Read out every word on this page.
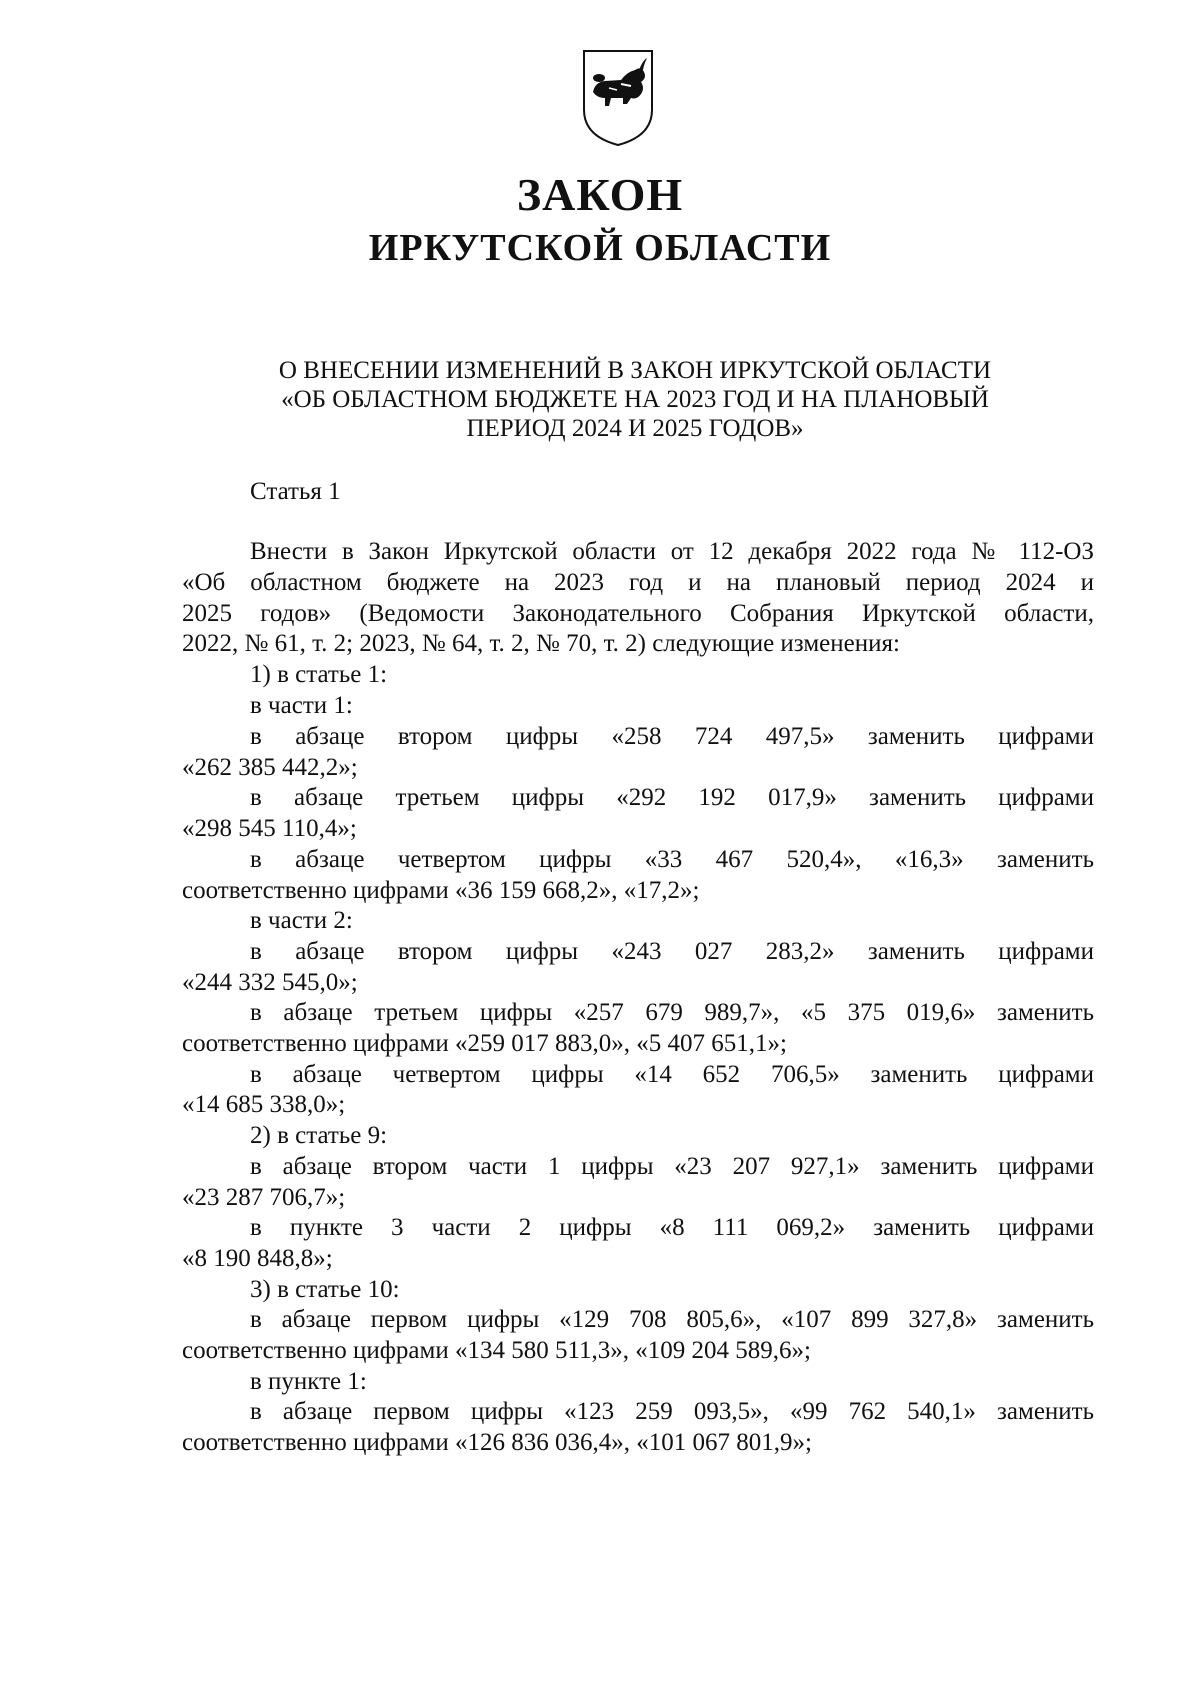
ЗАКОН
ИРКУТСКОЙ ОБЛАСТИ
О ВНЕСЕНИИ ИЗМЕНЕНИЙ В ЗАКОН ИРКУТСКОЙ ОБЛАСТИ
«ОБ ОБЛАСТНОМ БЮДЖЕТЕ НА 2023 ГОД И НА ПЛАНОВЫЙ
ПЕРИОД 2024 И 2025 ГОДОВ»
Статья 1
Внести в Закон Иркутской области от 12 декабря 2022 года № 112-ОЗ
«Об областном бюджете на 2023 год и на плановый период 2024 и
2025 годов» (Ведомости Законодательного Собрания Иркутской области,
2022, № 61, т. 2; 2023, № 64, т. 2, № 70, т. 2) следующие изменения:
1) в статье 1:
в части 1:
в абзаце втором цифры «258 724 497,5» заменить цифрами
«262 385 442,2»;
в абзаце третьем цифры «292 192 017,9» заменить цифрами
«298 545 110,4»;
в абзаце четвертом цифры «33 467 520,4», «16,3» заменить
соответственно цифрами «36 159 668,2», «17,2»;
в части 2:
в абзаце втором цифры «243 027 283,2» заменить цифрами
«244 332 545,0»;
в абзаце третьем цифры «257 679 989,7», «5 375 019,6» заменить
соответственно цифрами «259 017 883,0», «5 407 651,1»;
в абзаце четвертом цифры «14 652 706,5» заменить цифрами
«14 685 338,0»;
2) в статье 9:
в абзаце втором части 1 цифры «23 207 927,1» заменить цифрами
«23 287 706,7»;
в пункте 3 части 2 цифры «8 111 069,2» заменить цифрами
«8 190 848,8»;
3) в статье 10:
в абзаце первом цифры «129 708 805,6», «107 899 327,8» заменить
соответственно цифрами «134 580 511,3», «109 204 589,6»;
в пункте 1:
в абзаце первом цифры «123 259 093,5», «99 762 540,1» заменить
соответственно цифрами «126 836 036,4», «101 067 801,9»;
